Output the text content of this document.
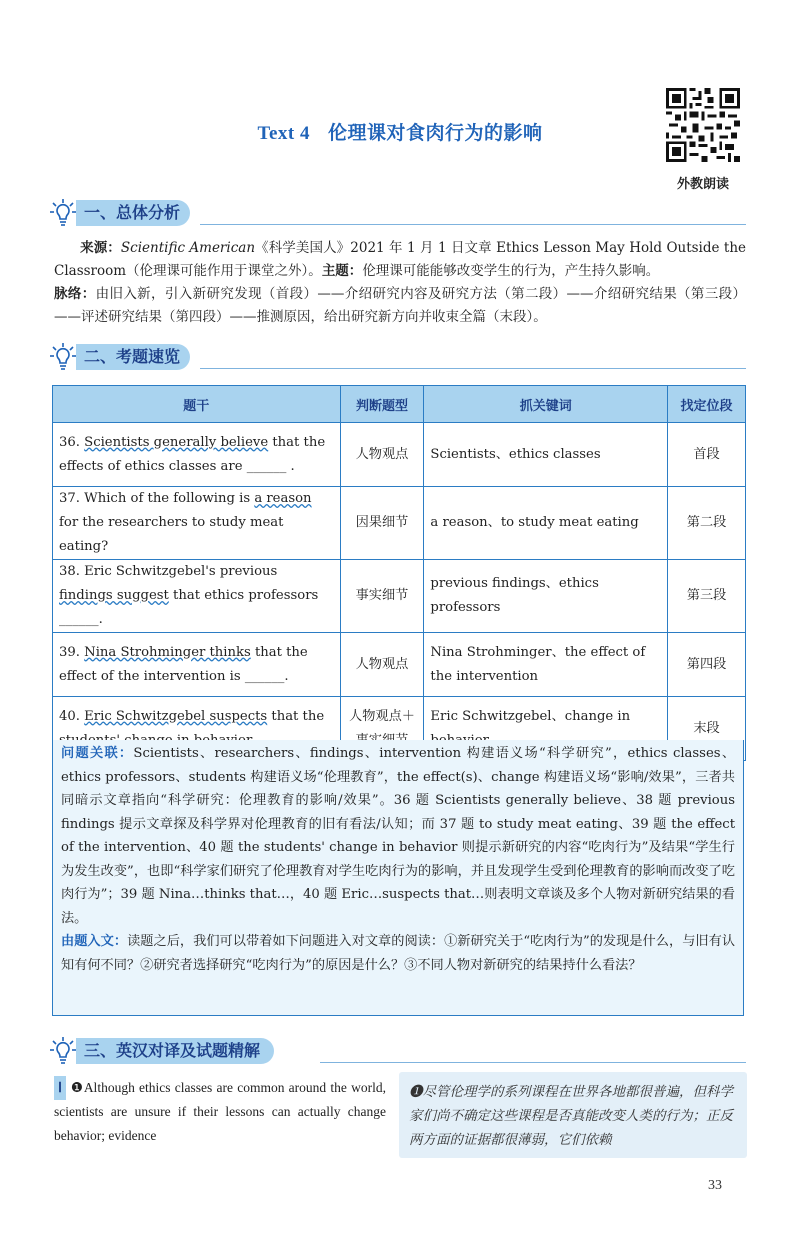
Text 4 伦理课对食肉行为的影响
外教朗读
一、总体分析
来源：Scientific American《科学美国人》2021 年 1 月 1 日文章 Ethics Lesson May Hold Outside the Classroom（伦理课可能作用于课堂之外）。主题：伦理课可能能够改变学生的行为，产生持久影响。
脉络：由旧入新，引入新研究发现（首段）——介绍研究内容及研究方法（第二段）——介绍研究结果（第三段）——评述研究结果（第四段）——推测原因，给出研究新方向并收束全篇（末段）。
二、考题速览
题干	判断题型	抓关键词	找定位段
36. Scientists generally believe that the effects of ethics classes are ______ .	人物观点	Scientists、ethics classes	首段
37. Which of the following is a reason for the researchers to study meat eating?	因果细节	a reason、to study meat eating	第二段
38. Eric Schwitzgebel's previous findings suggest that ethics professors ______.	事实细节	previous findings、ethics professors	第三段
39. Nina Strohminger thinks that the effect of the intervention is ______.	人物观点	Nina Strohminger、the effect of the intervention	第四段
40. Eric Schwitzgebel suspects that the	人物观点＋	Eric Schwitzgebel、change in	末段
问题关联：Scientists、researchers、findings、intervention 构建语义场“科学研究”，ethics classes、ethics professors、students 构建语义场“伦理教育”，the effect(s)、change 构建语义场“影响/效果”，三者共同暗示文章指向“科学研究：伦理教育的影响/效果”。36 题 Scientists generally believe、38 题 previous findings 提示文章探及科学界对伦理教育的旧有看法/认知；而 37 题 to study meat eating、39 题 the effect of the intervention、40 题 the students' change in behavior 则提示新研究的内容“吃肉行为”及结果“学生行为发生改变”，也即“科学家们研究了伦理教育对学生吃肉行为的影响，并且发现学生受到伦理教育的影响而改变了吃肉行为”；39 题 Nina…thinks that…，40 题 Eric…suspects that…则表明文章谈及多个人物对新研究结果的看法。
由题入文：读题之后，我们可以带着如下问题进入对文章的阅读：①新研究关于“吃肉行为”的发现是什么，与旧有认知有何不同？②研究者选择研究“吃肉行为”的原因是什么？③不同人物对新研究的结果持什么看法？
三、英汉对译及试题精解
Ⅰ ❶Although ethics classes are common around the world, scientists are unsure if their lessons can actually change behavior; evidence
❶尽管伦理学的系列课程在世界各地都很普遍，但科学家们尚不确定这些课程是否真能改变人类的行为；正反两方面的证据都很薄弱，它们依赖
33
